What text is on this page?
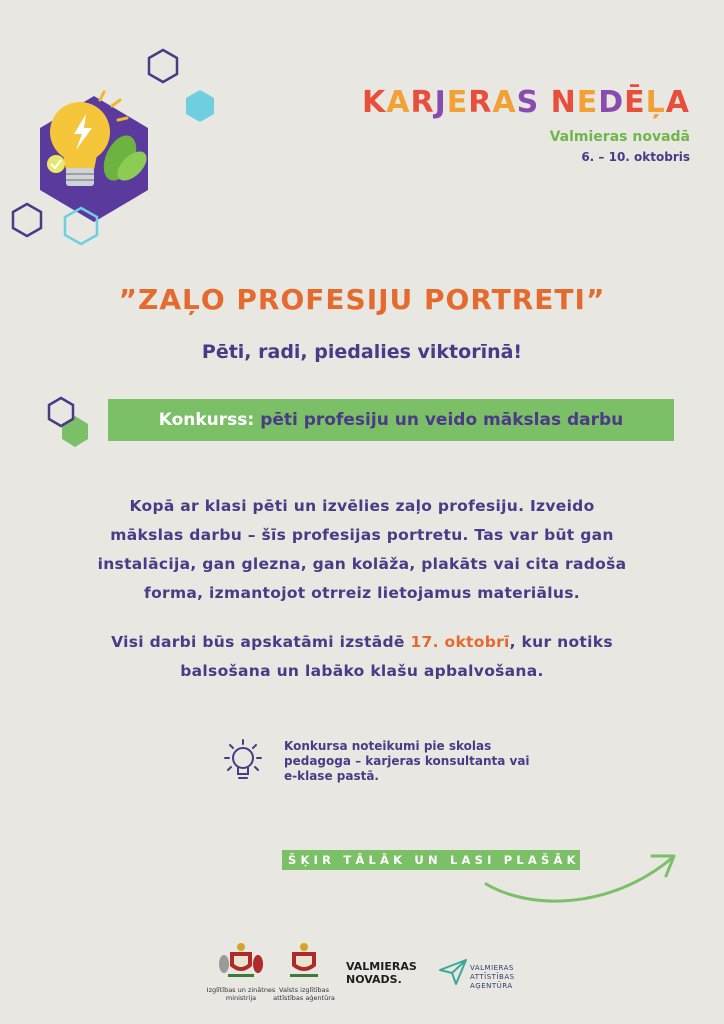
KARJERAS NEDĒĻA
Valmieras novadā
6. – 10. oktobris
”ZAĻO PROFESIJU PORTRETI”
Pēti, radi, piedalies viktorīnā!
Konkurss: pēti profesiju un veido mākslas darbu
Kopā ar klasi pēti un izvēlies zaļo profesiju. Izveido mākslas darbu – šīs profesijas portretu. Tas var būt gan instalācija, gan glezna, gan kolāža, plakāts vai cita radoša forma, izmantojot otrreiz lietojamus materiālus.
Visi darbi būs apskatāmi izstādē 17. oktobrī, kur notiks balsošana un labāko klašu apbalvošana.
Konkursa noteikumi pie skolas pedagoga – karjeras konsultanta vai e-klase pastā.
ŠĶIR TĀLĀK UN LASI PLAŠĀK
Izglītības un zinātnes ministrija
Valsts izglītības attīstības aģentūra
VALMIERAS NOVADS.
VALMIERAS ATTĪSTĪBAS AĢENTŪRA
